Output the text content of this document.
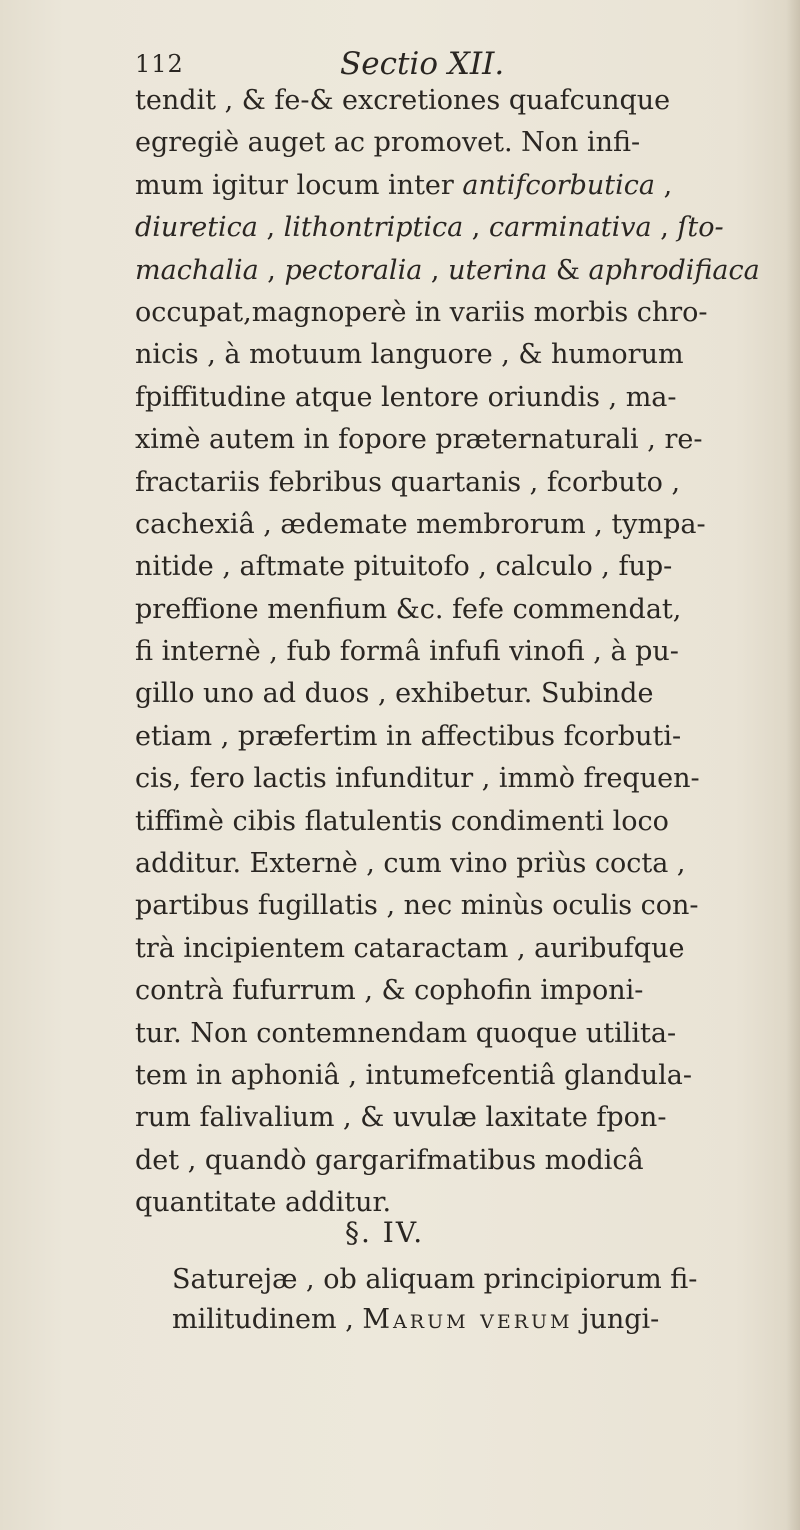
112	Sectio XII.
tendit , & fe-& excretiones quafcunque
egregiè auget ac promovet. Non infi-
mum igitur locum inter antifcorbutica ,
diuretica , lithontriptica , carminativa , ſto-
machalia , pectoralia , uterina & aphrodifiaca
occupat,magnoperè in variis morbis chro-
nicis , à motuum languore , & humorum
fpiffitudine atque lentore oriundis , ma-
ximè autem in fopore præternaturali , re-
fractariis febribus quartanis , fcorbuto ,
cachexiâ , ædemate membrorum , tympa-
nitide , aftmate pituitofo , calculo , fup-
preffione menfium &c. fefe commendat,
fi internè , fub formâ infufi vinofi , à pu-
gillo uno ad duos , exhibetur. Subinde
etiam , præfertim in affectibus fcorbuti-
cis, fero lactis infunditur , immò frequen-
tiffimè cibis flatulentis condimenti loco
additur. Externè , cum vino priùs cocta ,
partibus fugillatis , nec minùs oculis con-
trà incipientem cataractam , auribufque
contrà fufurrum , & cophofin imponi-
tur. Non contemnendam quoque utilita-
tem in aphoniâ , intumefcentiâ glandula-
rum falivalium , & uvulæ laxitate fpon-
det , quandò gargarifmatibus modicâ
quantitate additur.
§. IV.
Saturejæ , ob aliquam principiorum fi-
militudinem , Marum verum jungi-
